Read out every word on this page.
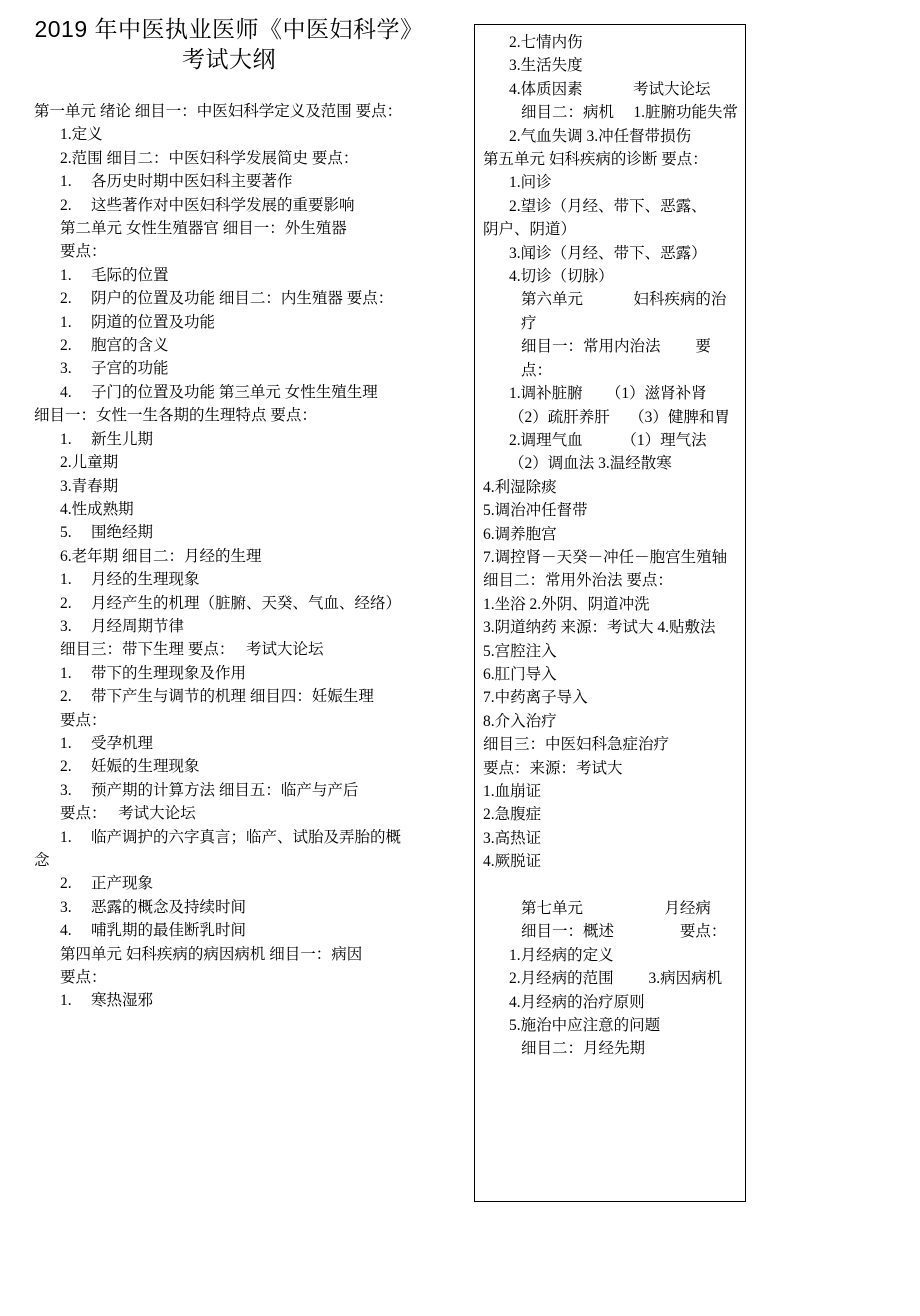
2019 年中医执业医师《中医妇科学》
考试大纲
第一单元 绪论 细目一：中医妇科学定义及范围 要点：
1.定义
2.范围 细目二：中医妇科学发展简史 要点：
1.　 各历史时期中医妇科主要著作
2.　 这些著作对中医妇科学发展的重要影响
第二单元 女性生殖器官 细目一：外生殖器
要点：
1.　 毛际的位置
2.　 阴户的位置及功能 细目二：内生殖器 要点：
1.　 阴道的位置及功能
2.　 胞宫的含义
3.　 子宫的功能
4.　 子门的位置及功能 第三单元 女性生殖生理
细目一：女性一生各期的生理特点 要点：
1.　 新生儿期
2.儿童期
3.青春期
4.性成熟期
5.　 围绝经期
6.老年期 细目二：月经的生理
1.　 月经的生理现象
2.　 月经产生的机理（脏腑、天癸、气血、经络）
3.　 月经周期节律
细目三：带下生理 要点：　 考试大论坛
1.　 带下的生理现象及作用
2.　 带下产生与调节的机理 细目四：妊娠生理
要点：
1.　 受孕机理
2.　 妊娠的生理现象
3.　 预产期的计算方法 细目五：临产与产后
要点：　 考试大论坛
1.　 临产调护的六字真言；临产、试胎及弄胎的概
念
2.　 正产现象
3.　 恶露的概念及持续时间
4.　 哺乳期的最佳断乳时间
第四单元 妇科疾病的病因病机 细目一：病因
要点：
1.　 寒热湿邪
2.七情内伤
3.生活失度
4.体质因素　　　 考试大论坛
细目二：病机　 1.脏腑功能失常
2.气血失调 3.冲任督带损伤
第五单元 妇科疾病的诊断 要点：
1.问诊
2.望诊（月经、带下、恶露、
阴户、阴道）
3.闻诊（月经、带下、恶露）
4.切诊（切脉）
第六单元　　　 妇科疾病的治疗
细目一：常用内治法　　 要点：
1.调补脏腑　　（1）滋肾补肾
（2）疏肝养肝　 （3）健脾和胃
2.调理气血　　　（1）理气法
（2）调血法 3.温经散寒
4.利湿除痰
5.调治冲任督带
6.调养胞宫
7.调控肾－天癸－冲任－胞宫生殖轴
细目二：常用外治法 要点：
1.坐浴 2.外阴、阴道冲洗
3.阴道纳药 来源：考试大 4.贴敷法
5.宫腔注入
6.肛门导入
7.中药离子导入
8.介入治疗
细目三：中医妇科急症治疗
要点：来源：考试大
1.血崩证
2.急腹症
3.高热证
4.厥脱证

第七单元　　　　　 月经病
细目一：概述　　　　 要点：
1.月经病的定义
2.月经病的范围　　 3.病因病机
4.月经病的治疗原则
5.施治中应注意的问题
细目二：月经先期
